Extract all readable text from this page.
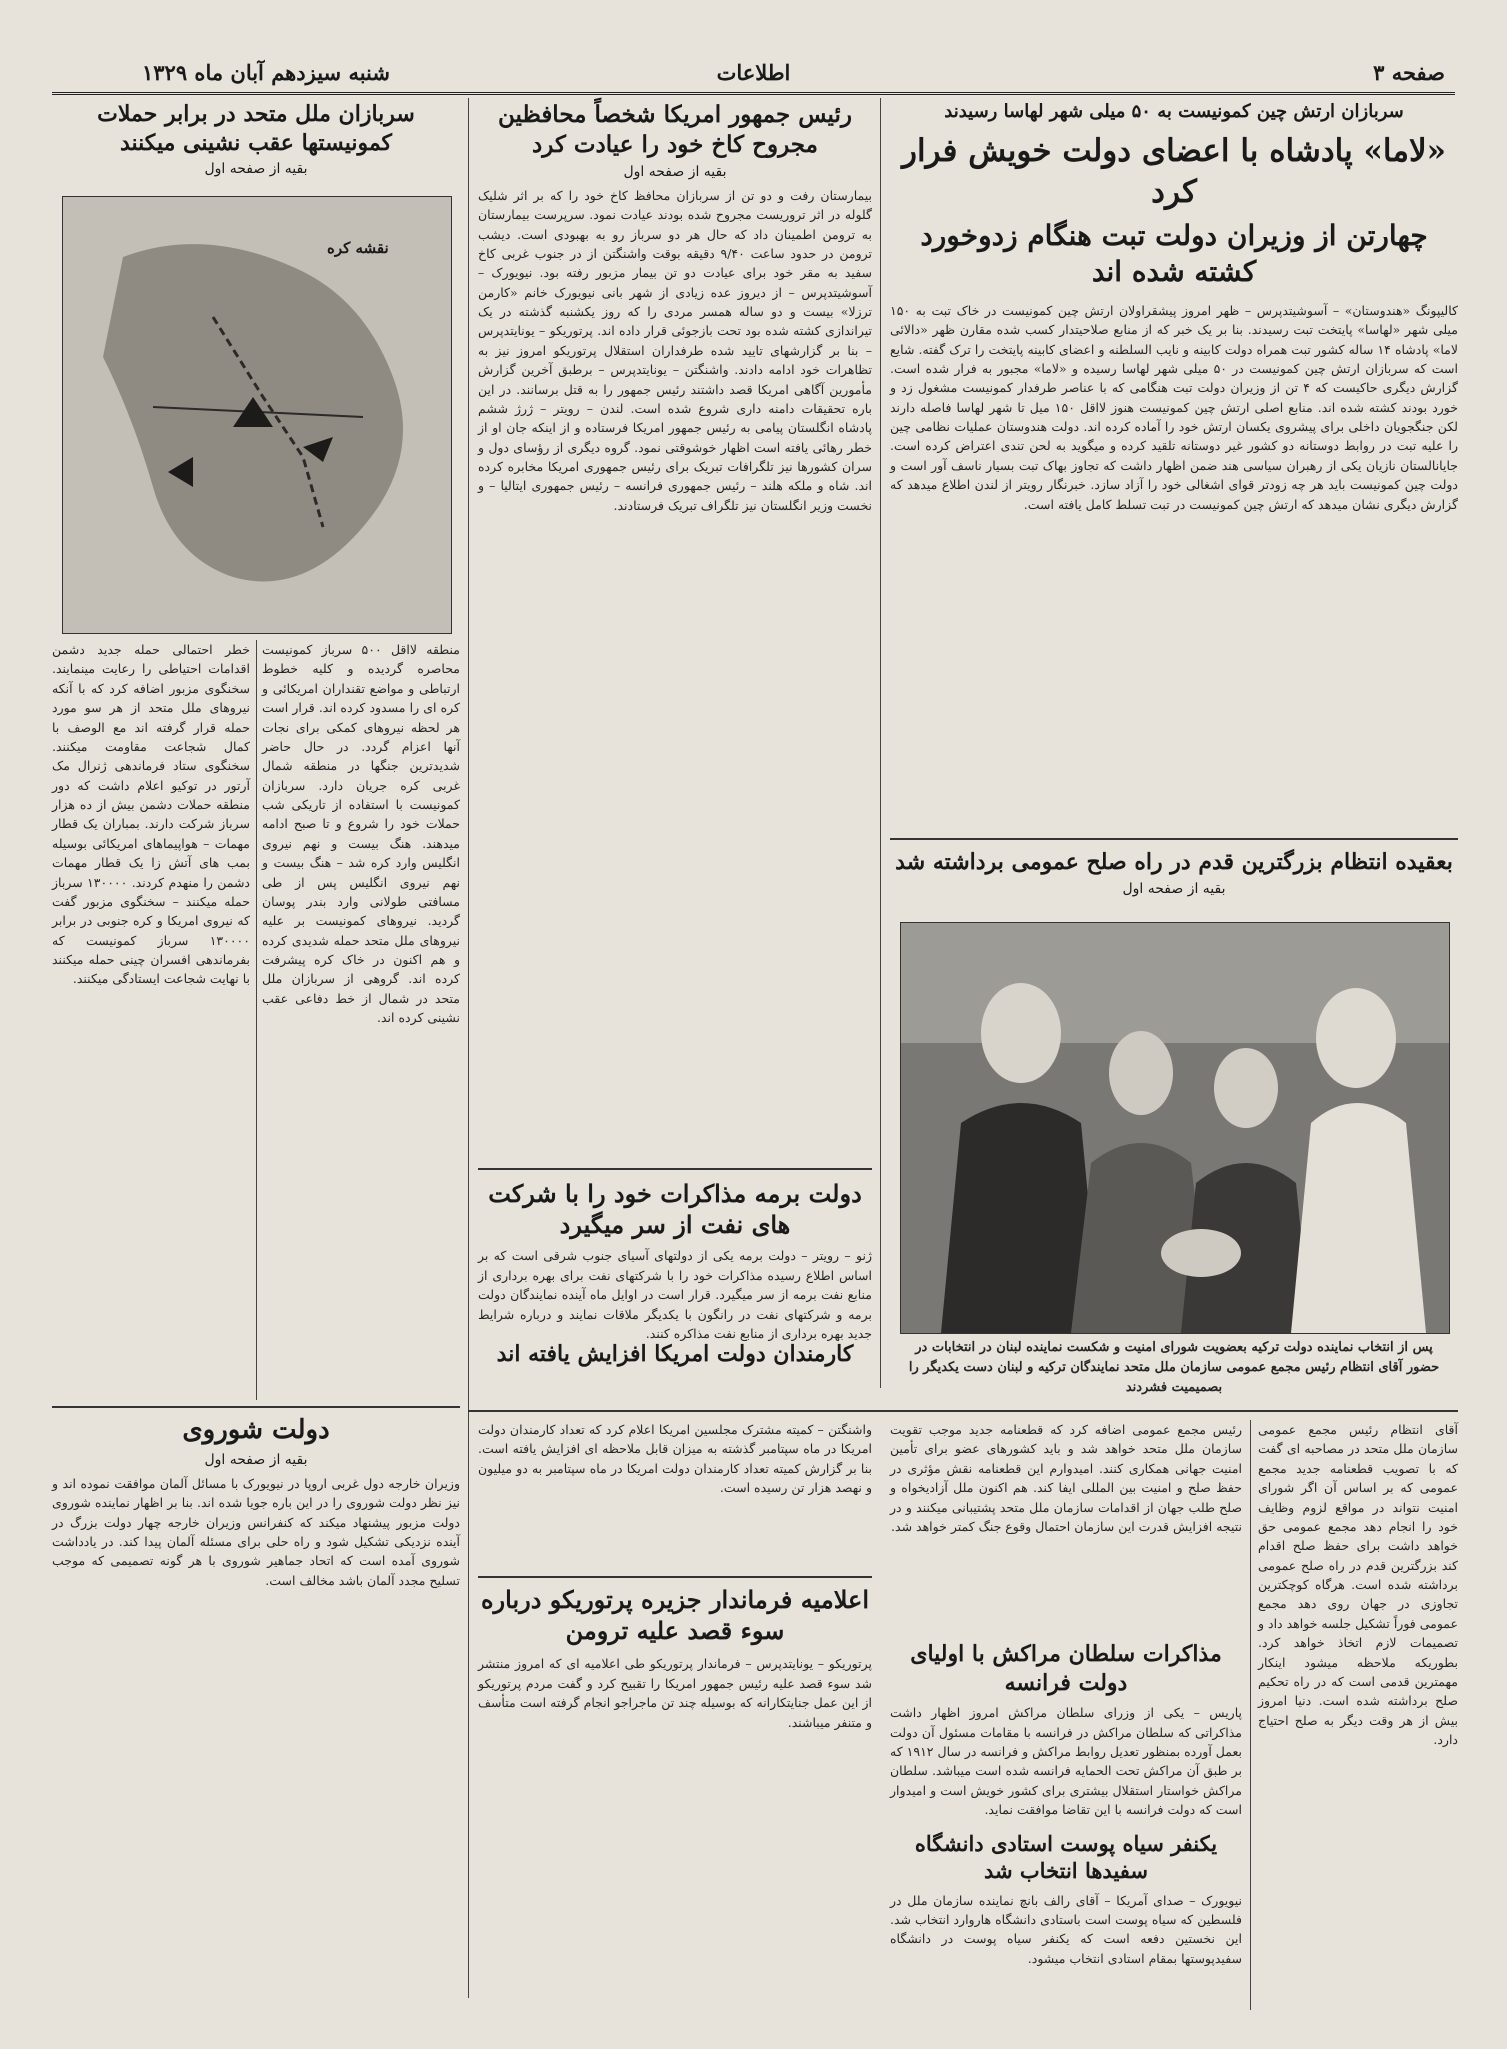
شنبه سیزدهم آبان ماه ۱۳۲۹	اطلاعات	صفحه ۳
سربازان ارتش چین کمونیست به ۵۰ میلی شهر لهاسا رسیدند
«لاما» پادشاه با اعضای دولت خویش فرار کرد
چهارتن از وزیران دولت تبت هنگام زدوخورد کشته شده اند
کالیپونگ «هندوستان» – آسوشیتدپرس – ظهر امروز پیشقراولان ارتش چین کمونیست در خاک تبت به ۱۵۰ میلی شهر «لهاسا» پایتخت تبت رسیدند. بنا بر یک خبر که از منابع صلاحیتدار کسب شده مقارن ظهر «دالائی لاما» پادشاه ۱۴ ساله کشور تبت همراه دولت کابینه و نایب السلطنه و اعضای کابینه پایتخت را ترک گفته. شایع است که سربازان ارتش چین کمونیست در ۵۰ میلی شهر لهاسا رسیده و «لاما» مجبور به فرار شده است. گزارش دیگری حاکیست که ۴ تن از وزیران دولت تبت هنگامی که با عناصر طرفدار کمونیست مشغول زد و خورد بودند کشته شده اند. منابع اصلی ارتش چین کمونیست هنوز لااقل ۱۵۰ میل تا شهر لهاسا فاصله دارند لکن جنگجویان داخلی برای پیشروی یکسان ارتش خود را آماده کرده اند. دولت هندوستان عملیات نظامی چین را علیه تبت در روابط دوستانه دو کشور غیر دوستانه تلقید کرده و میگوید به لحن تندی اعتراض کرده است. جایانالستان نازیان یکی از رهبران سیاسی هند ضمن اظهار داشت که تجاوز بهاک تبت بسیار ناسف آور است و دولت چین کمونیست باید هر چه زودتر قوای اشغالی خود را آزاد سازد. خبرنگار رویتر از لندن اطلاع میدهد که گزارش دیگری نشان میدهد که ارتش چین کمونیست در تبت تسلط کامل یافته است.
بعقیده انتظام بزرگترین قدم در راه صلح عمومی برداشته شد
بقیه از صفحه اول
پس از انتخاب نماینده دولت ترکیه بعضویت شورای امنیت و شکست نماینده لبنان در انتخابات در حضور آقای انتظام رئیس مجمع عمومی سازمان ملل متحد نمایندگان ترکیه و لبنان دست یکدیگر را بصمیمیت فشردند
آقای انتظام رئیس مجمع عمومی سازمان ملل متحد در مصاحبه ای گفت که با تصویب قطعنامه جدید مجمع عمومی که بر اساس آن اگر شورای امنیت نتواند در مواقع لزوم وظایف خود را انجام دهد مجمع عمومی حق خواهد داشت برای حفظ صلح اقدام کند بزرگترین قدم در راه صلح عمومی برداشته شده است. هرگاه کوچکترین تجاوزی در جهان روی دهد مجمع عمومی فوراً تشکیل جلسه خواهد داد و تصمیمات لازم اتخاذ خواهد کرد. بطوریکه ملاحظه میشود اینکار مهمترین قدمی است که در راه تحکیم صلح برداشته شده است. دنیا امروز بیش از هر وقت دیگر به صلح احتیاج دارد.
رئیس مجمع عمومی اضافه کرد که قطعنامه جدید موجب تقویت سازمان ملل متحد خواهد شد و باید کشورهای عضو برای تأمین امنیت جهانی همکاری کنند. امیدوارم این قطعنامه نقش مؤثری در حفظ صلح و امنیت بین المللی ایفا کند. هم اکنون ملل آزادیخواه و صلح طلب جهان از اقدامات سازمان ملل متحد پشتیبانی میکنند و در نتیجه افزایش قدرت این سازمان احتمال وقوع جنگ کمتر خواهد شد.
مذاکرات سلطان مراکش با اولیای دولت فرانسه
پاریس – یکی از وزرای سلطان مراکش امروز اظهار داشت مذاکراتی که سلطان مراکش در فرانسه با مقامات مسئول آن دولت بعمل آورده بمنظور تعدیل روابط مراکش و فرانسه در سال ۱۹۱۲ که بر طبق آن مراکش تحت الحمایه فرانسه شده است میباشد. سلطان مراکش خواستار استقلال بیشتری برای کشور خویش است و امیدوار است که دولت فرانسه با این تقاضا موافقت نماید.
یکنفر سیاه پوست استادی دانشگاه سفیدها انتخاب شد
نیویورک – صدای آمریکا – آقای رالف بانچ نماینده سازمان ملل در فلسطین که سیاه پوست است باستادی دانشگاه هاروارد انتخاب شد. این نخستین دفعه است که یکنفر سیاه پوست در دانشگاه سفیدپوستها بمقام استادی انتخاب میشود.
رئیس جمهور امریکا شخصاً محافظین مجروح کاخ خود را عیادت کرد
بقیه از صفحه اول
بیمارستان رفت و دو تن از سربازان محافظ کاخ خود را که بر اثر شلیک گلوله در اثر تروریست مجروح شده بودند عیادت نمود. سرپرست بیمارستان به ترومن اطمینان داد که حال هر دو سرباز رو به بهبودی است. دیشب ترومن در حدود ساعت ۹/۴۰ دقیقه بوقت واشنگتن از در جنوب غربی کاخ سفید به مقر خود برای عیادت دو تن بیمار مزبور رفته بود. نیویورک – آسوشیتدپرس – از دیروز عده زیادی از شهر بانی نیویورک خانم «کارمن ترزلا» بیست و دو ساله همسر مردی را که روز یکشنبه گذشته در یک تیراندازی کشته شده بود تحت بازجوئی قرار داده اند. پرتوریکو – یونایتدپرس – بنا بر گزارشهای تایید شده طرفداران استقلال پرتوریکو امروز نیز به تظاهرات خود ادامه دادند. واشنگتن – یونایتدپرس – برطبق آخرین گزارش مأمورین آگاهی امریکا قصد داشتند رئیس جمهور را به قتل برسانند. در این باره تحقیقات دامنه داری شروع شده است. لندن – رویتر – ژرژ ششم پادشاه انگلستان پیامی به رئیس جمهور امریکا فرستاده و از اینکه جان او از خطر رهائی یافته است اظهار خوشوقتی نمود. گروه دیگری از رؤسای دول و سران کشورها نیز تلگرافات تبریک برای رئیس جمهوری امریکا مخابره کرده اند. شاه و ملکه هلند – رئیس جمهوری فرانسه – رئیس جمهوری ایتالیا – و نخست وزیر انگلستان نیز تلگراف تبریک فرستادند.
دولت برمه مذاکرات خود را با شرکت های نفت از سر میگیرد
ژنو – رویتر – دولت برمه یکی از دولتهای آسیای جنوب شرقی است که بر اساس اطلاع رسیده مذاکرات خود را با شرکتهای نفت برای بهره برداری از منابع نفت برمه از سر میگیرد. قرار است در اوایل ماه آینده نمایندگان دولت برمه و شرکتهای نفت در رانگون با یکدیگر ملاقات نمایند و درباره شرایط جدید بهره برداری از منابع نفت مذاکره کنند.
کارمندان دولت امریکا افزایش یافته اند
واشنگتن – کمیته مشترک مجلسین امریکا اعلام کرد که تعداد کارمندان دولت امریکا در ماه سپتامبر گذشته به میزان قابل ملاحظه ای افزایش یافته است. بنا بر گزارش کمیته تعداد کارمندان دولت امریکا در ماه سپتامبر به دو میلیون و نهصد هزار تن رسیده است.
اعلامیه فرماندار جزیره پرتوریکو درباره سوء قصد علیه ترومن
پرتوریکو – یونایتدپرس – فرماندار پرتوریکو طی اعلامیه ای که امروز منتشر شد سوء قصد علیه رئیس جمهور امریکا را تقبیح کرد و گفت مردم پرتوریکو از این عمل جنایتکارانه که بوسیله چند تن ماجراجو انجام گرفته است متأسف و متنفر میباشند.
سربازان ملل متحد در برابر حملات کمونیستها عقب نشینی میکنند
بقیه از صفحه اول
نقشه کره
منطقه لااقل ۵۰۰ سرباز کمونیست محاصره گردیده و کلیه خطوط ارتباطی و مواضع تقنداران امریکائی و کره ای را مسدود کرده اند. قرار است هر لحظه نیروهای کمکی برای نجات آنها اعزام گردد. در حال حاضر شدیدترین جنگها در منطقه شمال غربی کره جریان دارد. سربازان کمونیست با استفاده از تاریکی شب حملات خود را شروع و تا صبح ادامه میدهند. هنگ بیست و نهم نیروی انگلیس وارد کره شد – هنگ بیست و نهم نیروی انگلیس پس از طی مسافتی طولانی وارد بندر پوسان گردید. نیروهای کمونیست بر علیه نیروهای ملل متحد حمله شدیدی کرده و هم اکنون در خاک کره پیشرفت کرده اند. گروهی از سربازان ملل متحد در شمال از خط دفاعی عقب نشینی کرده اند.
خطر احتمالی حمله جدید دشمن اقدامات احتیاطی را رعایت مینمایند. سخنگوی مزبور اضافه کرد که با آنکه نیروهای ملل متحد از هر سو مورد حمله قرار گرفته اند مع الوصف با کمال شجاعت مقاومت میکنند. سخنگوی ستاد فرماندهی ژنرال مک آرتور در توکیو اعلام داشت که دور منطقه حملات دشمن بیش از ده هزار سرباز شرکت دارند. بمباران یک قطار مهمات – هواپیماهای امریکائی بوسیله بمب های آتش زا یک قطار مهمات دشمن را منهدم کردند. ۱۳۰۰۰۰ سرباز حمله میکنند – سخنگوی مزبور گفت که نیروی امریکا و کره جنوبی در برابر ۱۳۰۰۰۰ سرباز کمونیست که بفرماندهی افسران چینی حمله میکنند با نهایت شجاعت ایستادگی میکنند.
دولت شوروی
بقیه از صفحه اول
وزیران خارجه دول غربی اروپا در نیویورک با مسائل آلمان موافقت نموده اند و نیز نظر دولت شوروی را در این باره جویا شده اند. بنا بر اظهار نماینده شوروی دولت مزبور پیشنهاد میکند که کنفرانس وزیران خارجه چهار دولت بزرگ در آینده نزدیکی تشکیل شود و راه حلی برای مسئله آلمان پیدا کند. در یادداشت شوروی آمده است که اتحاد جماهیر شوروی با هر گونه تصمیمی که موجب تسلیح مجدد آلمان باشد مخالف است.
